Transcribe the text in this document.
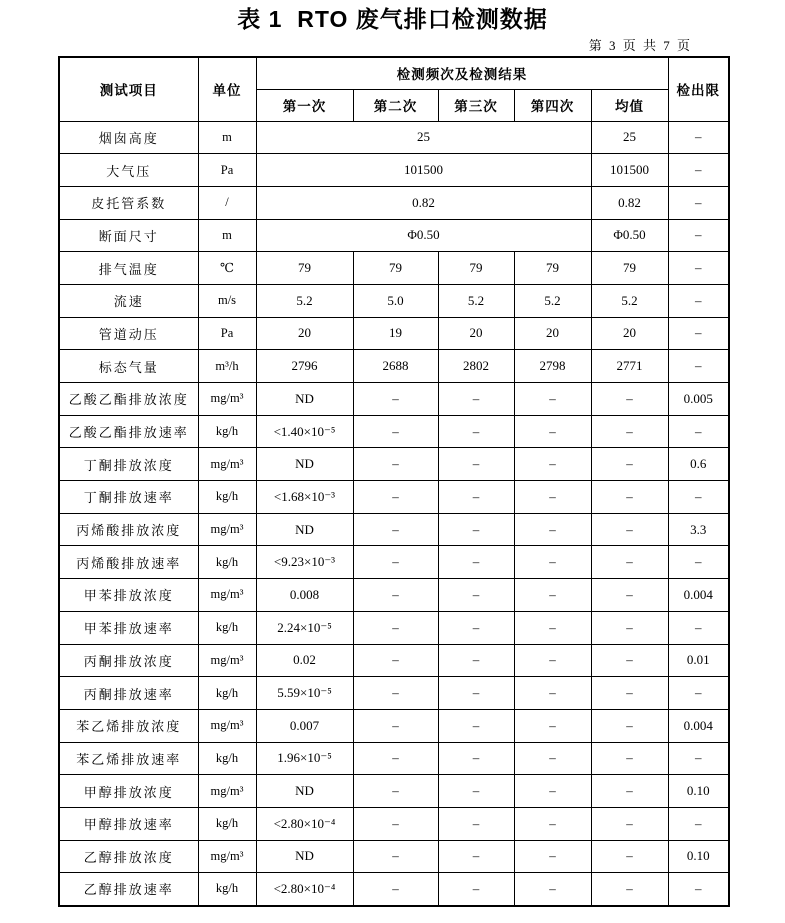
表 1  RTO 废气排口检测数据
第 3 页 共 7 页
测试项目	单位	检测频次及检测结果					检出限
		第一次	第二次	第三次	第四次	均值	
烟囱高度	m	25				25	–
大气压	Pa	101500				101500	–
皮托管系数	/	0.82				0.82	–
断面尺寸	m	Φ0.50				Φ0.50	–
排气温度	℃	79	79	79	79	79	–
流速	m/s	5.2	5.0	5.2	5.2	5.2	–
管道动压	Pa	20	19	20	20	20	–
标态气量	m³/h	2796	2688	2802	2798	2771	–
乙酸乙酯排放浓度	mg/m³	ND	–	–	–	–	0.005
乙酸乙酯排放速率	kg/h	<1.40×10⁻⁵	–	–	–	–	–
丁酮排放浓度	mg/m³	ND	–	–	–	–	0.6
丁酮排放速率	kg/h	<1.68×10⁻³	–	–	–	–	–
丙烯酸排放浓度	mg/m³	ND	–	–	–	–	3.3
丙烯酸排放速率	kg/h	<9.23×10⁻³	–	–	–	–	–
甲苯排放浓度	mg/m³	0.008	–	–	–	–	0.004
甲苯排放速率	kg/h	2.24×10⁻⁵	–	–	–	–	–
丙酮排放浓度	mg/m³	0.02	–	–	–	–	0.01
丙酮排放速率	kg/h	5.59×10⁻⁵	–	–	–	–	–
苯乙烯排放浓度	mg/m³	0.007	–	–	–	–	0.004
苯乙烯排放速率	kg/h	1.96×10⁻⁵	–	–	–	–	–
甲醇排放浓度	mg/m³	ND	–	–	–	–	0.10
甲醇排放速率	kg/h	<2.80×10⁻⁴	–	–	–	–	–
乙醇排放浓度	mg/m³	ND	–	–	–	–	0.10
乙醇排放速率	kg/h	<2.80×10⁻⁴	–	–	–	–	–
